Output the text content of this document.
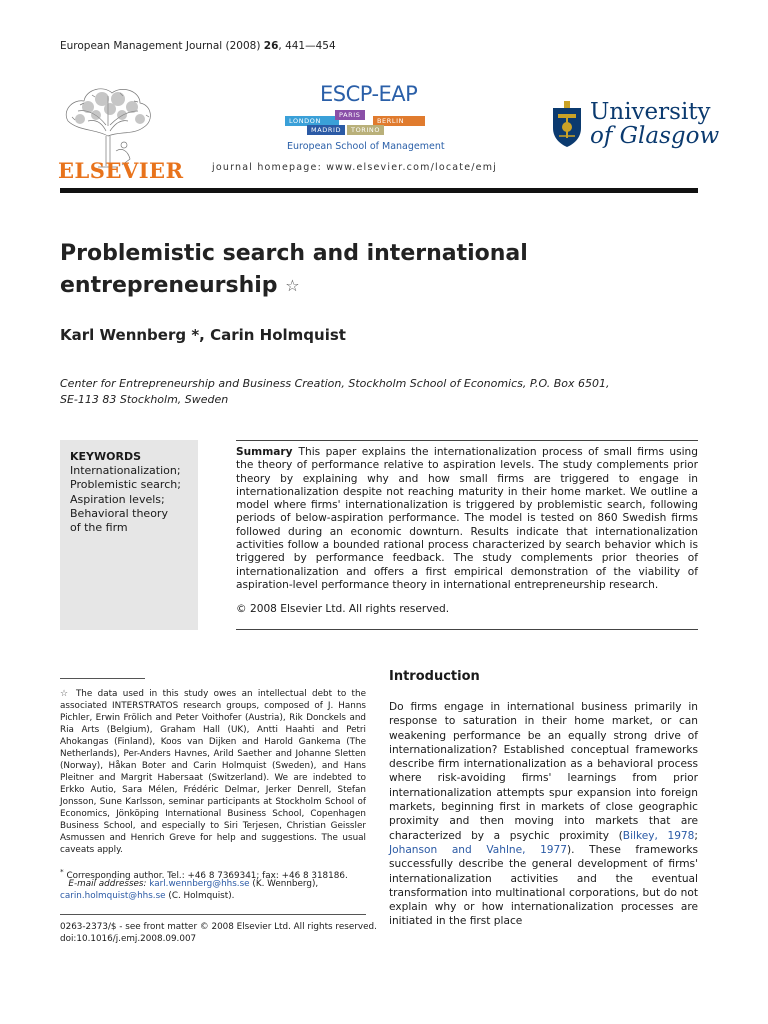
European Management Journal (2008) 26, 441—454
ELSEVIER
ESCP-EAP
LONDON
PARIS
BERLIN
MADRID	TORINO
European School of Management
journal homepage: www.elsevier.com/locate/emj
University
of Glasgow
Problemistic search and international
entrepreneurship ☆
Karl Wennberg *, Carin Holmquist
Center for Entrepreneurship and Business Creation, Stockholm School of Economics, P.O. Box 6501,
SE-113 83 Stockholm, Sweden
KEYWORDS
Internationalization;
Problemistic search;
Aspiration levels;
Behavioral theory
of the firm
Summary This paper explains the internationalization process of small firms using the theory of performance relative to aspiration levels. The study complements prior theory by explaining why and how small firms are triggered to engage in internationalization despite not reaching maturity in their home market. We outline a model where firms' internationalization is triggered by problemistic search, following periods of below-aspiration performance. The model is tested on 860 Swedish firms followed during an economic downturn. Results indicate that internationalization activities follow a bounded rational process characterized by search behavior which is triggered by performance feedback. The study complements prior theories of internationalization and offers a first empirical demonstration of the viability of aspiration-level performance theory in international entrepreneurship research.
© 2008 Elsevier Ltd. All rights reserved.
Introduction
Do firms engage in international business primarily in response to saturation in their home market, or can weakening performance be an equally strong drive of internationalization? Established conceptual frameworks describe firm internationalization as a behavioral process where risk-avoiding firms' learnings from prior internationalization attempts spur expansion into foreign markets, beginning first in markets of close geographic proximity and then moving into markets that are characterized by a psychic proximity (Bilkey, 1978; Johanson and Vahlne, 1977). These frameworks successfully describe the general development of firms' internationalization activities and the eventual transformation into multinational corporations, but do not explain why or how internationalization processes are initiated in the first place
☆ The data used in this study owes an intellectual debt to the associated INTERSTRATOS research groups, composed of J. Hanns Pichler, Erwin Frölich and Peter Voithofer (Austria), Rik Donckels and Ria Arts (Belgium), Graham Hall (UK), Antti Haahti and Petri Ahokangas (Finland), Koos van Dijken and Harold Gankema (The Netherlands), Per-Anders Havnes, Arild Saether and Johanne Sletten (Norway), Håkan Boter and Carin Holmquist (Sweden), and Hans Pleitner and Margrit Habersaat (Switzerland). We are indebted to Erkko Autio, Sara Mélen, Frédéric Delmar, Jerker Denrell, Stefan Jonsson, Sune Karlsson, seminar participants at Stockholm School of Economics, Jönköping International Business School, Copenhagen Business School, and especially to Siri Terjesen, Christian Geissler Asmussen and Henrich Greve for help and suggestions. The usual caveats apply.
* Corresponding author. Tel.: +46 8 7369341; fax: +46 8 318186.
E-mail addresses: karl.wennberg@hhs.se (K. Wennberg), carin.holmquist@hhs.se (C. Holmquist).
0263-2373/$ - see front matter © 2008 Elsevier Ltd. All rights reserved.
doi:10.1016/j.emj.2008.09.007
